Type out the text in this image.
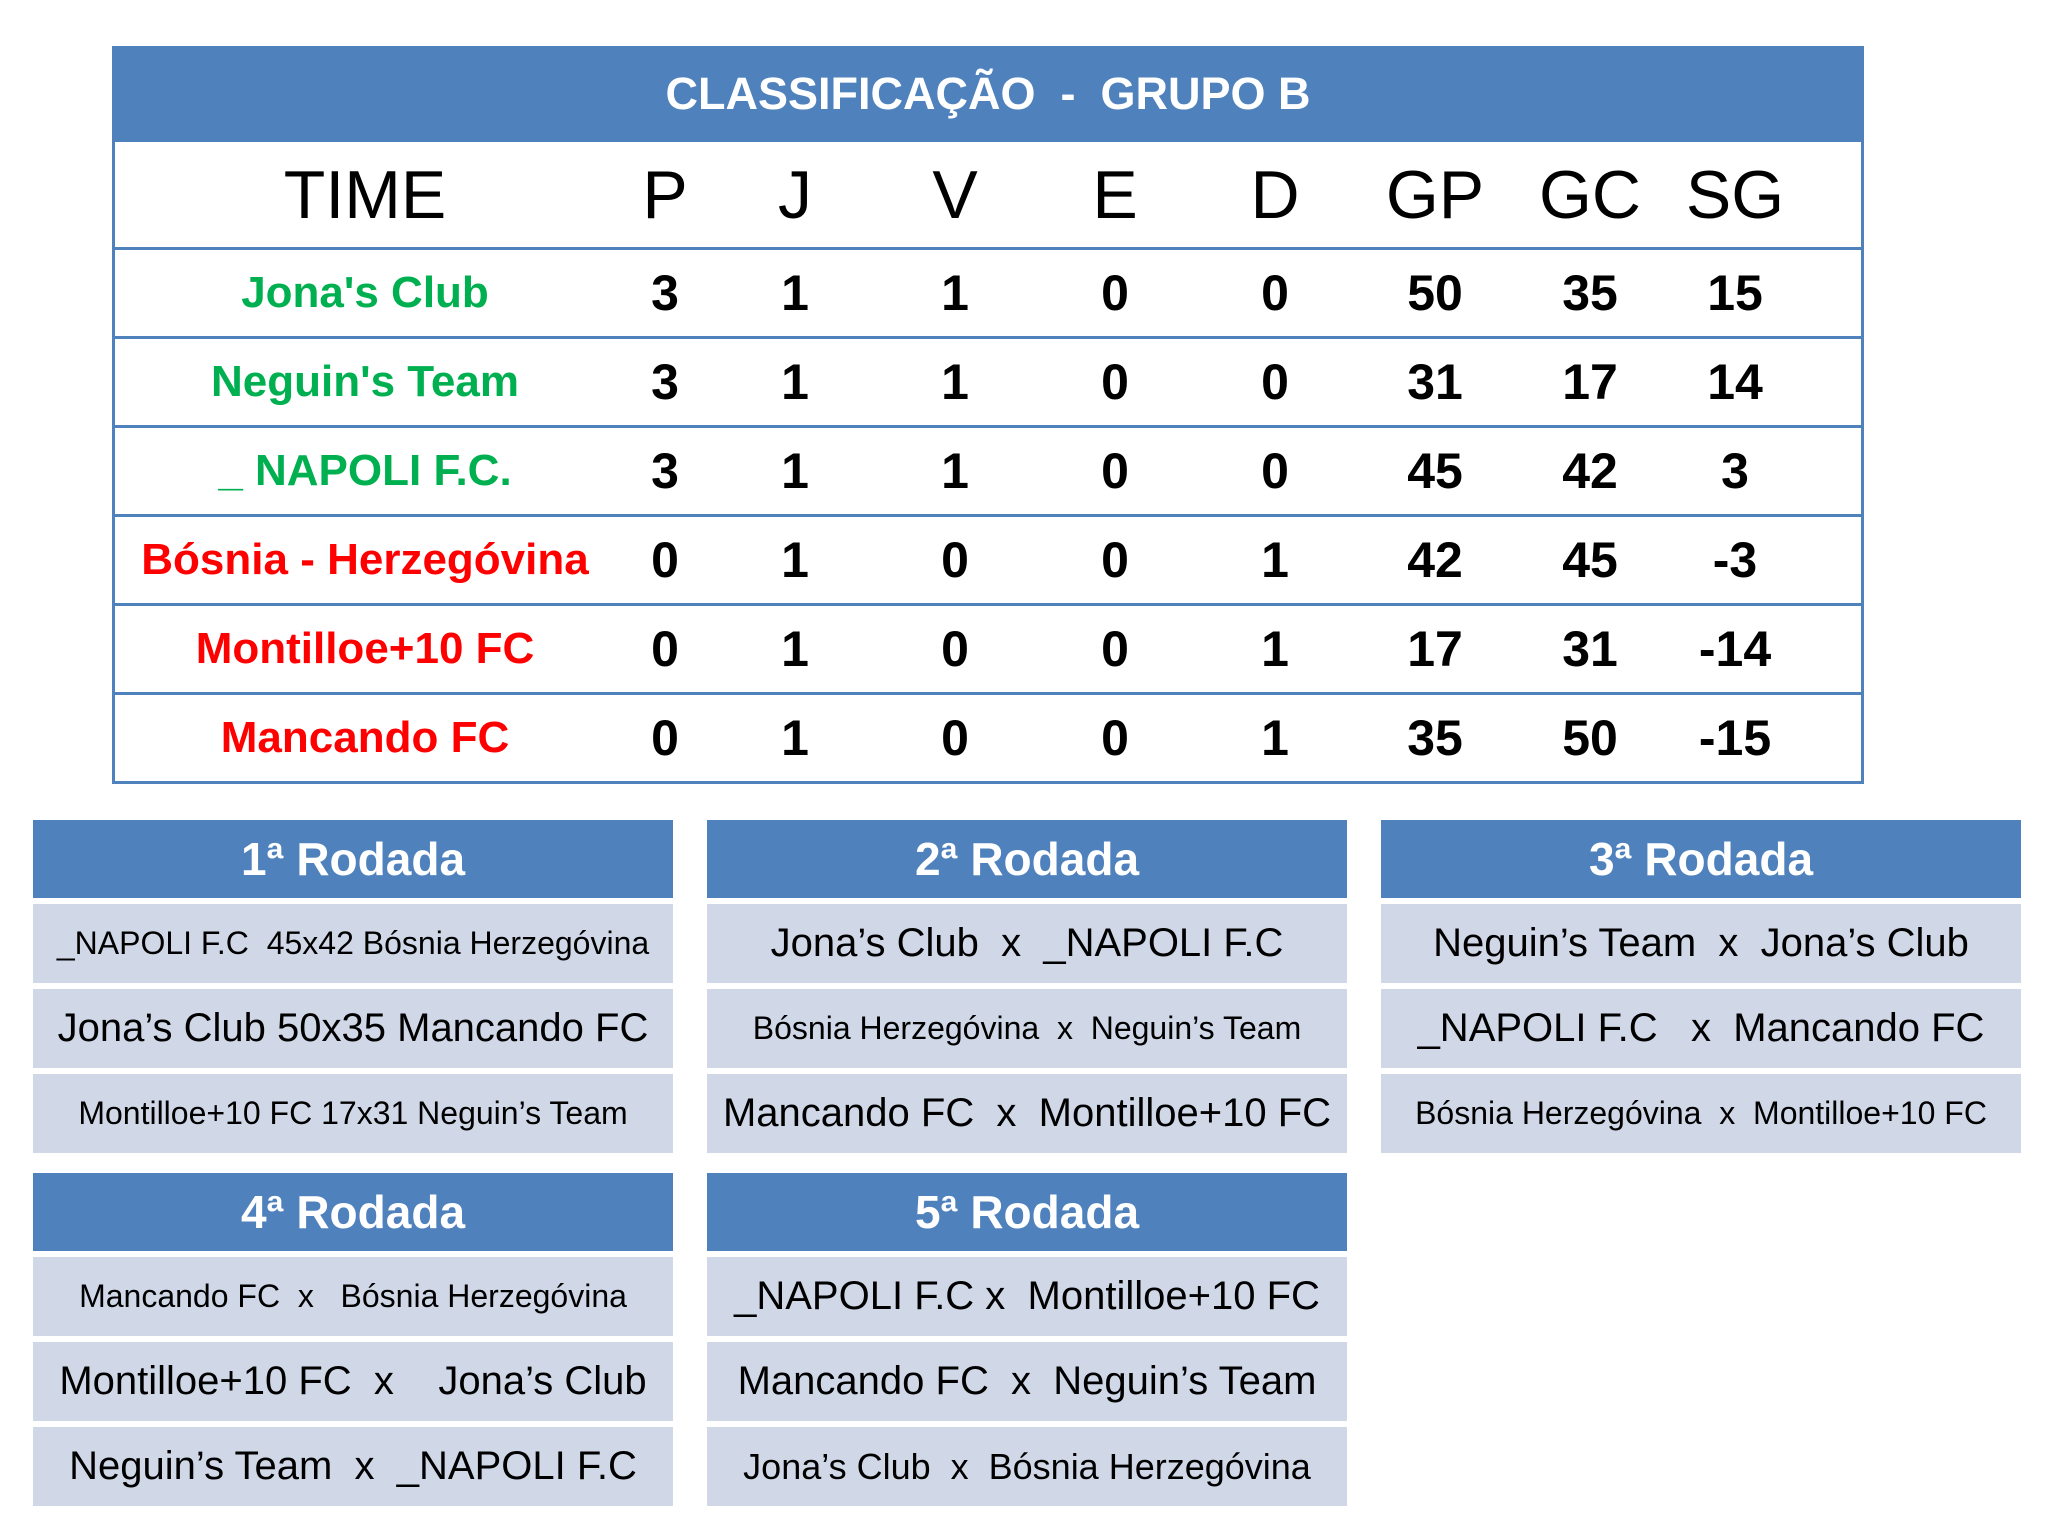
CLASSIFICAÇÃO  -  GRUPO B
TIME	P	J	V	E	D	GP GC SG
Jona's Club	3	1	1	0	0	50	35	15
Neguin's Team	3	1	1	0	0	31	17	14
_ NAPOLI F.C.	3	1	1	0	0	45	42	3
Bósnia - Herzegóvina	0	1	0	0	1	42	45	-3
Montilloe+10 FC	0	1	0	0	1	17	31	-14
Mancando FC	0	1	0	0	1	35	50	-15
1ª Rodada
_NAPOLI F.C  45x42 Bósnia Herzegóvina
Jona’s Club 50x35 Mancando FC
Montilloe+10 FC 17x31 Neguin’s Team
2ª Rodada
Jona’s Club  x  _NAPOLI F.C
Bósnia Herzegóvina  x  Neguin’s Team
Mancando FC  x  Montilloe+10 FC
3ª Rodada
Neguin’s Team  x  Jona’s Club
_NAPOLI F.C   x  Mancando FC
Bósnia Herzegóvina  x  Montilloe+10 FC
4ª Rodada
Mancando FC  x   Bósnia Herzegóvina
Montilloe+10 FC  x    Jona’s Club
Neguin’s Team  x  _NAPOLI F.C
5ª Rodada
_NAPOLI F.C x  Montilloe+10 FC
Mancando FC  x  Neguin’s Team
Jona’s Club  x  Bósnia Herzegóvina
